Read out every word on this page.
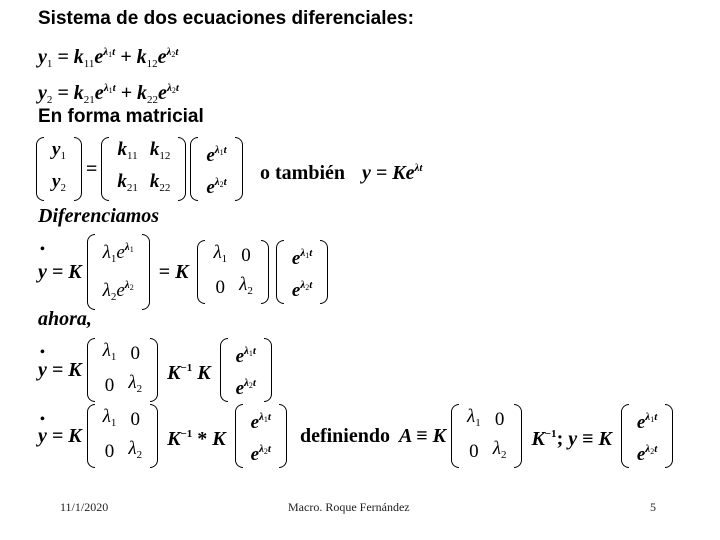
Sistema de dos ecuaciones diferenciales:
$y_1 = k_{11}e^{\lambda_1t} + k_{12}e^{\lambda_2t}$
$y_2 = k_{21}e^{\lambda_1t} + k_{22}e^{\lambda_2t}$
En forma matricial
$y_1$
$y_2$
=
$k_{11}$	$k_{12}$
$k_{21}$	$k_{22}$
$e^{\lambda_1t}$
$e^{\lambda_2t}$ o también $y = Ke^{\lambda t}$
Diferenciamos
•
y = K
$\lambda_1e^{\lambda_1}$
$\lambda_2e^{\lambda_2}$
= K
$\lambda_1$	0
0	$\lambda_2$

$e^{\lambda_1t}$
$e^{\lambda_2t}$
ahora,
•
y = K
$\lambda_1$	0
0	$\lambda_2$
$K^{-1}$ K
$e^{\lambda_1t}$
$e^{\lambda_2t}$
•
y = K
$\lambda_1$	0
0	$\lambda_2$
$K^{-1}$ * K
$e^{\lambda_1t}$
$e^{\lambda_2t}$
definiendo A ≡ K
$\lambda_1$	0
0	$\lambda_2$
$K^{-1}$; y ≡ K
$e^{\lambda_1t}$
$e^{\lambda_2t}$
11/1/2020	Macro. Roque Fernández	5
